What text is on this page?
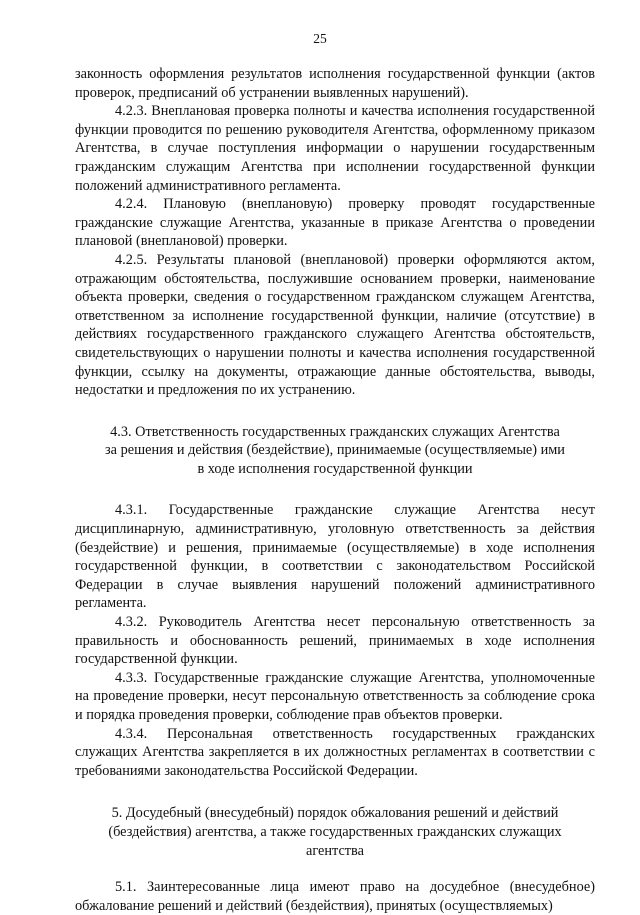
25

законность оформления результатов исполнения государственной функции (актов проверок, предписаний об устранении выявленных нарушений).

4.2.3. Внеплановая проверка полноты и качества исполнения государственной функции проводится по решению руководителя Агентства, оформленному приказом Агентства, в случае поступления информации о нарушении государственным гражданским служащим Агентства при исполнении государственной функции положений административного регламента.

4.2.4. Плановую (внеплановую) проверку проводят государственные гражданские служащие Агентства, указанные в приказе Агентства о проведении плановой (внеплановой) проверки.

4.2.5. Результаты плановой (внеплановой) проверки оформляются актом, отражающим обстоятельства, послужившие основанием проверки, наименование объекта проверки, сведения о государственном гражданском служащем Агентства, ответственном за исполнение государственной функции, наличие (отсутствие) в действиях государственного гражданского служащего Агентства обстоятельств, свидетельствующих о нарушении полноты и качества исполнения государственной функции, ссылку на документы, отражающие данные обстоятельства, выводы, недостатки и предложения по их устранению.

4.3. Ответственность государственных гражданских служащих Агентства за решения и действия (бездействие), принимаемые (осуществляемые) ими в ходе исполнения государственной функции

4.3.1. Государственные гражданские служащие Агентства несут дисциплинарную, административную, уголовную ответственность за действия (бездействие) и решения, принимаемые (осуществляемые) в ходе исполнения государственной функции, в соответствии с законодательством Российской Федерации в случае выявления нарушений положений административного регламента.

4.3.2. Руководитель Агентства несет персональную ответственность за правильность и обоснованность решений, принимаемых в ходе исполнения государственной функции.

4.3.3. Государственные гражданские служащие Агентства, уполномоченные на проведение проверки, несут персональную ответственность за соблюдение срока и порядка проведения проверки, соблюдение прав объектов проверки.

4.3.4. Персональная ответственность государственных гражданских служащих Агентства закрепляется в их должностных регламентах в соответствии с требованиями законодательства Российской Федерации.

5. Досудебный (внесудебный) порядок обжалования решений и действий (бездействия) агентства, а также государственных гражданских служащих агентства

5.1. Заинтересованные лица имеют право на досудебное (внесудебное) обжалование решений и действий (бездействия), принятых (осуществляемых)
